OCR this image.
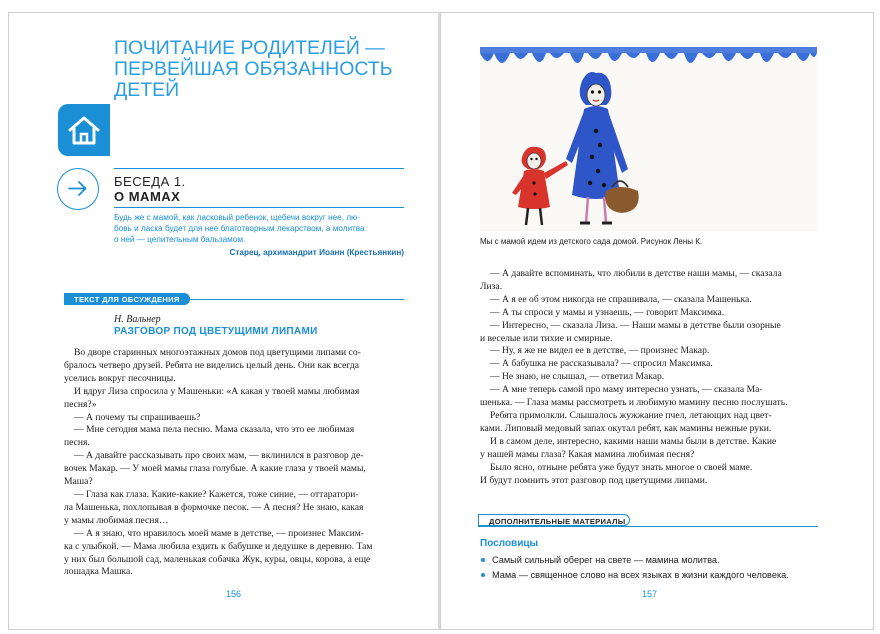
ПОЧИТАНИЕ РОДИТЕЛЕЙ —
ПЕРВЕЙШАЯ ОБЯЗАННОСТЬ
ДЕТЕЙ
БЕСЕДА 1.
О МАМАХ
Будь же с мамой, как ласковый ребенок, щебечи вокруг нее, лю-
бовь и ласка будет для нее благотворным лекарством, а молитва
о ней — целительным бальзамом.
Старец, архимандрит Иоанн (Крестьянкин)
ТЕКСТ ДЛЯ ОБСУЖДЕНИЯ
Н. Вальнер
РАЗГОВОР ПОД ЦВЕТУЩИМИ ЛИПАМИ

Во дворе старинных многоэтажных домов под цветущими липами со-

бралось четверо друзей. Ребята не виделись целый день. Они как всегда

уселись вокруг песочницы.

И вдруг Лиза спросила у Машеньки: «А какая у твоей мамы любимая

песня?»

— А почему ты спрашиваешь?

— Мне сегодня мама пела песню. Мама сказала, что это ее любимая

песня.

— А давайте рассказывать про своих мам, — вклинился в разговор де-

вочек Макар. — У моей мамы глаза голубые. А какие глаза у твоей мамы,

Маша?

— Глаза как глаза. Какие-какие? Кажется, тоже синие, — оттаратори-

ла Машенька, похлопывая в формочке песок. — А песня? Не знаю, какая

у мамы любимая песня…

— А я знаю, что нравилось моей маме в детстве, — произнес Максим-

ка с улыбкой. — Мама любила ездить к бабушке и дедушке в деревню. Там

у них был большой сад, маленькая собачка Жук, куры, овцы, корова, а еще

лошадка Машка.

156
Мы с мамой идем из детского сада домой. Рисунок Лены К.

— А давайте вспоминать, что любили в детстве наши мамы, — сказала

Лиза.

— А я ее об этом никогда не спрашивала, — сказала Машенька.

— А ты спроси у мамы и узнаешь, — говорит Максимка.

— Интересно, — сказала Лиза. — Наши мамы в детстве были озорные

и веселые или тихие и смирные.

— Ну, я же не видел ее в детстве, — произнес Макар.

— А бабушка не рассказывала? — спросил Максимка.

— Не знаю, не слышал, — ответил Макар.

— А мне теперь самой про маму интересно узнать, — сказала Ма-

шенька. — Глаза мамы рассмотреть и любимую мамину песню послушать.

Ребята примолкли. Слышалось жужжание пчел, летающих над цвет-

ками. Липовый медовый запах окутал ребят, как мамины нежные руки.

И в самом деле, интересно, какими наши мамы были в детстве. Какие

у нашей мамы глаза? Какая мамина любимая песня?

Было ясно, отныне ребята уже будут знать многое о своей маме.

И будут помнить этот разговор под цветущими липами.

ДОПОЛНИТЕЛЬНЫЕ МАТЕРИАЛЫ
Пословицы
Самый сильный оберег на свете — мамина молитва.
Мама — священное слово на всех языках в жизни каждого человека.
157
